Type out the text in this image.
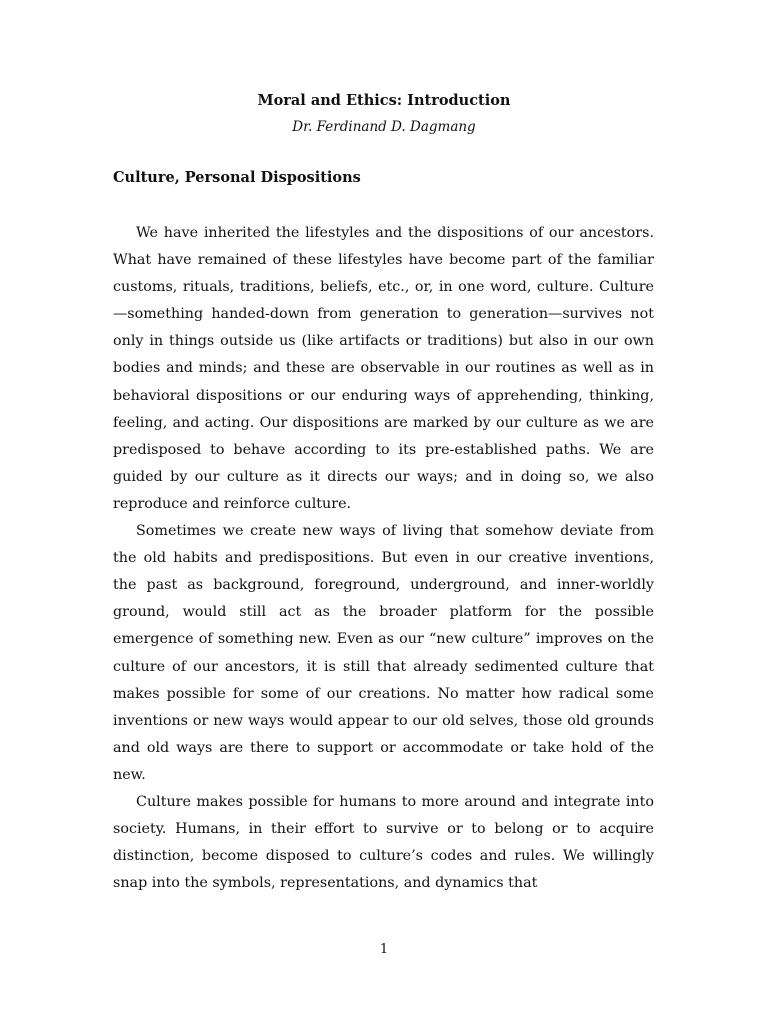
Moral and Ethics: Introduction
Dr. Ferdinand D. Dagmang
Culture, Personal Dispositions

We have inherited the lifestyles and the dispositions of our ancestors. What have remained of these lifestyles have become part of the familiar customs, rituals, traditions, beliefs, etc., or, in one word, culture. Culture—something handed-down from generation to generation—survives not only in things outside us (like artifacts or traditions) but also in our own bodies and minds; and these are observable in our routines as well as in behavioral dispositions or our enduring ways of apprehending, thinking, feeling, and acting. Our dispositions are marked by our culture as we are predisposed to behave according to its pre-established paths. We are guided by our culture as it directs our ways; and in doing so, we also reproduce and reinforce culture.

Sometimes we create new ways of living that somehow deviate from the old habits and predispositions. But even in our creative inventions, the past as background, foreground, underground, and inner-worldly ground, would still act as the broader platform for the possible emergence of something new. Even as our “new culture” improves on the culture of our ancestors, it is still that already sedimented culture that makes possible for some of our creations. No matter how radical some inventions or new ways would appear to our old selves, those old grounds and old ways are there to support or accommodate or take hold of the new.

Culture makes possible for humans to more around and integrate into society. Humans, in their effort to survive or to belong or to acquire distinction, become disposed to culture’s codes and rules. We willingly snap into the symbols, representations, and dynamics that

1
